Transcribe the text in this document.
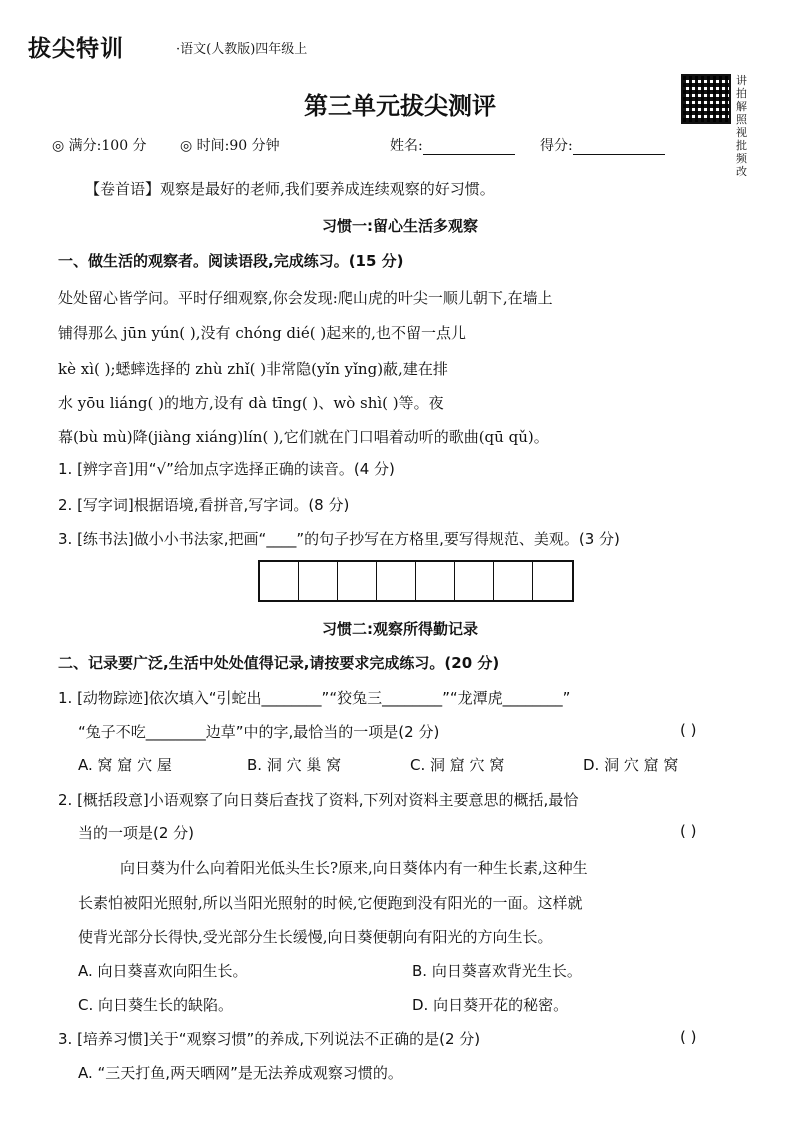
拔尖特训	·语文(人教版)四年级上
讲拍解照视批频改
第三单元拔尖测评
◎ 满分:100 分 ◎ 时间:90 分钟	姓名:	得分:
【卷首语】观察是最好的老师,我们要养成连续观察的好习惯。
习惯一:留心生活多观察
一、做生活的观察者。阅读语段,完成练习。(15 分)
处处留心皆学问。平时仔细观察,你会发现:爬山虎的叶尖一顺儿朝下,在墙上
铺得那么 jūn yún( ),没有 chóng dié( )起来的,也不留一点儿
kè xì( );蟋蟀选择的 zhù zhǐ( )非常隐(yǐn yǐng)蔽,建在排
水 yōu liáng( )的地方,设有 dà tīng( )、wò shì( )等。夜
幕(bù mù)降(jiàng xiáng)lín( ),它们就在门口唱着动听的歌曲(qū qǔ)。
1. [辨字音]用“√”给加点字选择正确的读音。(4 分)
2. [写字词]根据语境,看拼音,写字词。(8 分)
3. [练书法]做小小书法家,把画“____”的句子抄写在方格里,要写得规范、美观。(3 分)
习惯二:观察所得勤记录
二、记录要广泛,生活中处处值得记录,请按要求完成练习。(20 分)
1. [动物踪迹]依次填入“引蛇出________”“狡兔三________”“龙潭虎________”
“兔子不吃________边草”中的字,最恰当的一项是(2 分)	( )
A. 窝 窟 穴 屋	B. 洞 穴 巢 窝	C. 洞 窟 穴 窝	D. 洞 穴 窟 窝
2. [概括段意]小语观察了向日葵后查找了资料,下列对资料主要意思的概括,最恰
当的一项是(2 分)	( )
向日葵为什么向着阳光低头生长?原来,向日葵体内有一种生长素,这种生
长素怕被阳光照射,所以当阳光照射的时候,它便跑到没有阳光的一面。这样就
使背光部分长得快,受光部分生长缓慢,向日葵便朝向有阳光的方向生长。
A. 向日葵喜欢向阳生长。	B. 向日葵喜欢背光生长。
C. 向日葵生长的缺陷。	D. 向日葵开花的秘密。
3. [培养习惯]关于“观察习惯”的养成,下列说法不正确的是(2 分)	( )
A. “三天打鱼,两天晒网”是无法养成观察习惯的。
